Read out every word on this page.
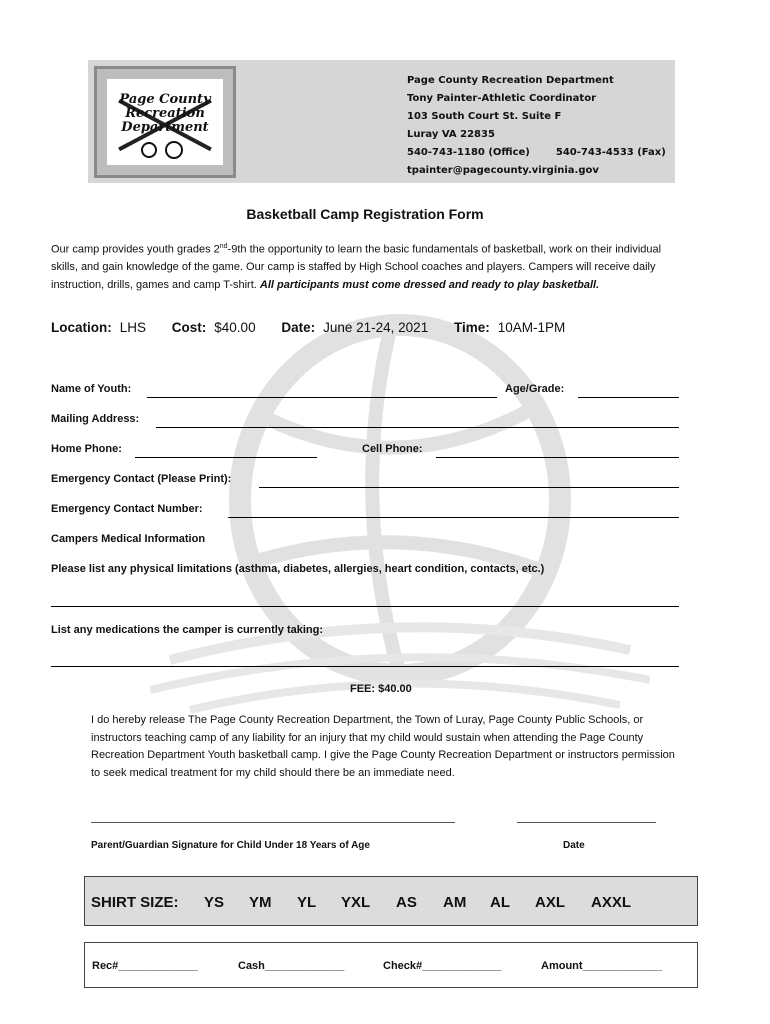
Page County
Recreation
Department
Page County Recreation Department
Tony Painter-Athletic Coordinator
103 South Court St. Suite F
Luray VA 22835
540-743-1180 (Office)	540-743-4533 (Fax)
tpainter@pagecounty.virginia.gov
Basketball Camp Registration Form
Our camp provides youth grades 2nd-9th the opportunity to learn the basic fundamentals of basketball, work on their individual skills, and gain knowledge of the game. Our camp is staffed by High School coaches and players. Campers will receive daily instruction, drills, games and camp T-shirt. All participants must come dressed and ready to play basketball.
Location: LHS Cost: $40.00 Date: June 21-24, 2021 Time: 10AM-1PM
Name of Youth:	Age/Grade:
Mailing Address:
Home Phone:	Cell Phone:
Emergency Contact (Please Print):
Emergency Contact Number:
Campers Medical Information
Please list any physical limitations (asthma, diabetes, allergies, heart condition, contacts, etc.)
List any medications the camper is currently taking:
FEE: $40.00
I do hereby release The Page County Recreation Department, the Town of Luray, Page County Public Schools, or instructors teaching camp of any liability for an injury that my child would sustain when attending the Page County Recreation Department Youth basketball camp. I give the Page County Recreation Department or instructors permission to seek medical treatment for my child should there be an immediate need.
Parent/Guardian Signature for Child Under 18 Years of Age	Date
SHIRT SIZE: YS YM YL YXL AS AM AL AXL AXXL
Rec#_____________	Cash_____________	Check#_____________	Amount_____________
